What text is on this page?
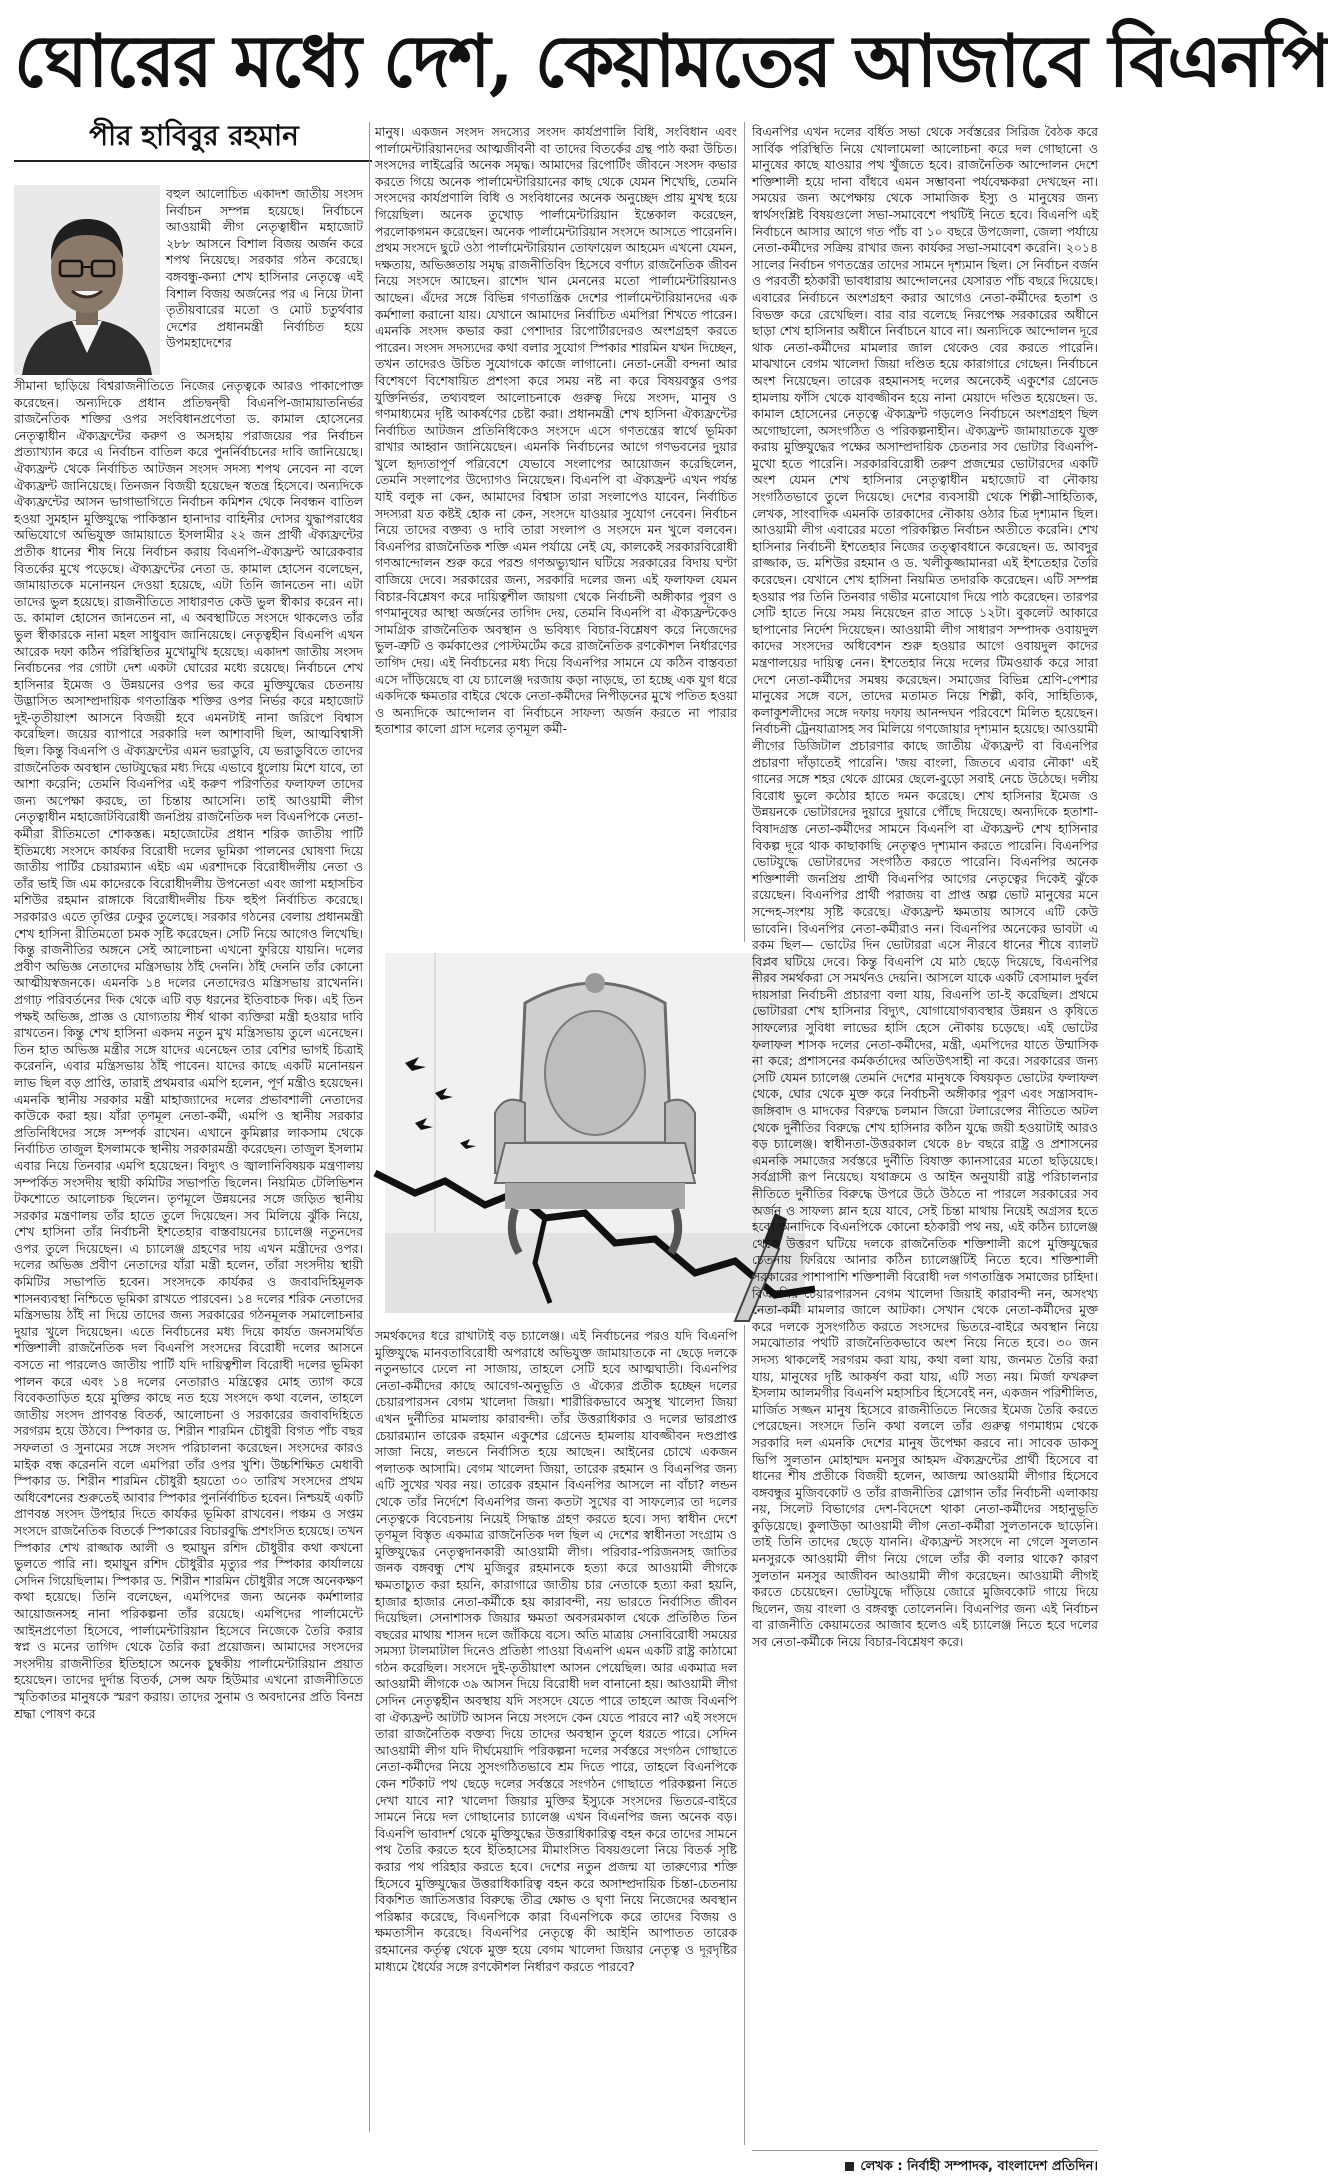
ঘোরের মধ্যে দেশ, কেয়ামতের আজাবে বিএনপি
পীর হাবিবুর রহমান
বহুল আলোচিত একাদশ জাতীয় সংসদ নির্বাচন সম্পন্ন হয়েছে। নির্বাচনে আওয়ামী লীগ নেতৃত্বাধীন মহাজোট ২৮৮ আসনে বিশাল বিজয় অর্জন করে শপথ নিয়েছে। সরকার গঠন করেছে। বঙ্গবন্ধু-কন্যা শেখ হাসিনার নেতৃত্বে এই বিশাল বিজয় অর্জনের পর এ নিয়ে টানা তৃতীয়বারের মতো ও মোট চতুর্থবার দেশের প্রধানমন্ত্রী নির্বাচিত হয়ে উপমহাদেশের
সীমানা ছাড়িয়ে বিশ্বরাজনীতিতে নিজের নেতৃত্বকে আরও পাকাপোক্ত করেছেন। অন্যদিকে প্রধান প্রতিদ্বন্দ্বী বিএনপি-জামায়াতনির্ভর রাজনৈতিক শক্তির ওপর সংবিধানপ্রণেতা ড. কামাল হোসেনের নেতৃত্বাধীন ঐক্যফ্রন্টের করুণ ও অসহায় পরাজয়ের পর নির্বাচন প্রত্যাখ্যান করে এ নির্বাচন বাতিল করে পুনর্নির্বাচনের দাবি জানিয়েছে। ঐক্যফ্রন্ট থেকে নির্বাচিত আটজন সংসদ সদস্য শপথ নেবেন না বলে ঐক্যফ্রন্ট জানিয়েছে। তিনজন বিজয়ী হয়েছেন স্বতন্ত্র হিসেবে। অন্যদিকে ঐক্যফ্রন্টের আসন ভাগাভাগিতে নির্বাচন কমিশন থেকে নিবন্ধন বাতিল হওয়া সুমহান মুক্তিযুদ্ধে পাকিস্তান হানাদার বাহিনীর দোসর যুদ্ধাপরাধের অভিযোগে অভিযুক্ত জামায়াতে ইসলামীর ২২ জন প্রার্থী ঐক্যফ্রন্টের প্রতীক ধানের শীষ নিয়ে নির্বাচন করায় বিএনপি-ঐক্যফ্রন্ট আরেকবার বিতর্কের মুখে পড়েছে। ঐক্যফ্রন্টের নেতা ড. কামাল হোসেন বলেছেন, জামায়াতকে মনোনয়ন দেওয়া হয়েছে, এটা তিনি জানতেন না। এটা তাদের ভুল হয়েছে। রাজনীতিতে সাধারণত কেউ ভুল স্বীকার করেন না। ড. কামাল হোসেন জানতেন না, এ অবস্থাটিতে সংসদে থাকলেও তাঁর ভুল স্বীকারকে নানা মহল সাধুবাদ জানিয়েছে। নেতৃত্বহীন বিএনপি এখন আরেক দফা কঠিন পরিস্থিতির মুখোমুখি হয়েছে। একাদশ জাতীয় সংসদ নির্বাচনের পর গোটা দেশ একটা ঘোরের মধ্যে রয়েছে। নির্বাচনে শেখ হাসিনার ইমেজ ও উন্নয়নের ওপর ভর করে মুক্তিযুদ্ধের চেতনায় উদ্ভাসিত অসাম্প্রদায়িক গণতান্ত্রিক শক্তির ওপর নির্ভর করে মহাজোট দুই-তৃতীয়াংশ আসনে বিজয়ী হবে এমনটাই নানা জরিপে বিশ্বাস করেছিল। জয়ের ব্যাপারে সরকারি দল আশাবাদী ছিল, আত্মবিশ্বাসী ছিল। কিন্তু বিএনপি ও ঐক্যফ্রন্টের এমন ভরাডুবি, যে ভরাডুবিতে তাদের রাজনৈতিক অবস্থান ভোটযুদ্ধের মধ্য দিয়ে এভাবে ধুলোয় মিশে যাবে, তা আশা করেনি; তেমনি বিএনপির এই করুণ পরিণতির ফলাফল তাদের জন্য অপেক্ষা করছে, তা চিন্তায় আসেনি। তাই আওয়ামী লীগ নেতৃত্বাধীন মহাজোটবিরোধী জনপ্রিয় রাজনৈতিক দল বিএনপিকে নেতা-কর্মীরা রীতিমতো শোকস্তব্ধ। মহাজোটের প্রধান শরিক জাতীয় পার্টি ইতিমধ্যে সংসদে কার্যকর বিরোধী দলের ভূমিকা পালনের ঘোষণা দিয়ে জাতীয় পার্টির চেয়ারম্যান এইচ এম এরশাদকে বিরোধীদলীয় নেতা ও তাঁর ভাই জি এম কাদেরকে বিরোধীদলীয় উপনেতা এবং জাপা মহাসচিব মশিউর রহমান রাঙ্গাকে বিরোধীদলীয় চিফ হুইপ নির্বাচিত করেছে। সরকারও এতে তৃপ্তির ঢেকুর তুলেছে। সরকার গঠনের বেলায় প্রধানমন্ত্রী শেখ হাসিনা রীতিমতো চমক সৃষ্টি করেছেন। সেটি নিয়ে আগেও লিখেছি। কিন্তু রাজনীতির অঙ্গনে সেই আলোচনা এখনো ফুরিয়ে যায়নি। দলের প্রবীণ অভিজ্ঞ নেতাদের মন্ত্রিসভায় ঠাঁই দেননি। ঠাঁই দেননি তাঁর কোনো আত্মীয়স্বজনকে। এমনকি ১৪ দলের নেতাদেরও মন্ত্রিসভায় রাখেননি। প্রগাঢ় পরিবর্তনের দিক থেকে এটি বড় ধরনের ইতিবাচক দিক। এই তিন পক্ষই অভিজ্ঞ, প্রাজ্ঞ ও যোগ্যতায় শীর্ষ থাকা ব্যক্তিরা মন্ত্রী হওয়ার দাবি রাখতেন। কিন্তু শেখ হাসিনা একদম নতুন মুখ মন্ত্রিসভায় তুলে এনেছেন। তিন হাত অভিজ্ঞ মন্ত্রীর সঙ্গে যাদের এনেছেন তার বেশির ভাগই চিত্রাই করেননি, এবার মন্ত্রিসভায় ঠাঁই পাবেন। যাদের কাছে একটি মনোনয়ন লাভ ছিল বড় প্রাপ্তি, তারাই প্রথমবার এমপি হলেন, পূর্ণ মন্ত্রীও হয়েছেন। এমনকি স্থানীয় সরকার মন্ত্রী মাহাজ্যাদের দলের প্রভাবশালী নেতাদের কাউকে করা হয়। যাঁরা তৃণমূল নেতা-কর্মী, এমপি ও স্থানীয় সরকার প্রতিনিধিদের সঙ্গে সম্পর্ক রাখেন। এখানে কুমিল্লার লাকসাম থেকে নির্বাচিত তাজুল ইসলামকে স্থানীয় সরকারমন্ত্রী করেছেন। তাজুল ইসলাম এবার নিয়ে তিনবার এমপি হয়েছেন। বিদ্যুৎ ও জ্বালানিবিষয়ক মন্ত্রণালয় সম্পর্কিত সংসদীয় স্থায়ী কমিটির সভাপতি ছিলেন। নিয়মিত টেলিভিশন টকশোতে আলোচক ছিলেন। তৃণমূলে উন্নয়নের সঙ্গে জড়িত স্থানীয় সরকার মন্ত্রণালয় তাঁর হাতে তুলে দিয়েছেন। সব মিলিয়ে ঝুঁকি নিয়ে, শেখ হাসিনা তাঁর নির্বাচনী ইশতেহার বাস্তবায়নের চ্যালেঞ্জ নতুনদের ওপর তুলে দিয়েছেন। এ চ্যালেঞ্জ গ্রহণের দায় এখন মন্ত্রীদের ওপর। দলের অভিজ্ঞ প্রবীণ নেতাদের যাঁরা মন্ত্রী হলেন, তাঁরা সংসদীয় স্থায়ী কমিটির সভাপতি হবেন। সংসদকে কার্যকর ও জবাবদিহিমূলক শাসনব্যবস্থা নিশ্চিতে ভূমিকা রাখতে পারবেন। ১৪ দলের শরিক নেতাদের মন্ত্রিসভায় ঠাঁই না দিয়ে তাদের জন্য সরকারের গঠনমূলক সমালোচনার দুয়ার খুলে দিয়েছেন। এতে নির্বাচনের মধ্য দিয়ে কার্যত জনসমর্থিত শক্তিশালী রাজনৈতিক দল বিএনপি সংসদের বিরোধী দলের আসনে বসতে না পারলেও জাতীয় পার্টি যদি দায়িত্বশীল বিরোধী দলের ভূমিকা পালন করে এবং ১৪ দলের নেতারাও মন্ত্রিত্বের মোহ ত্যাগ করে বিবেকতাড়িত হয়ে মুক্তির কাছে নত হয়ে সংসদে কথা বলেন, তাহলে জাতীয় সংসদ প্রাণবন্ত বিতর্ক, আলোচনা ও সরকারের জবাবদিহিতে সরগরম হয়ে উঠবে। স্পিকার ড. শিরীন শারমিন চৌধুরী বিগত পাঁচ বছর সফলতা ও সুনামের সঙ্গে সংসদ পরিচালনা করেছেন। সংসদের কারও মাইক বন্ধ করেননি বলে এমপিরা তাঁর ওপর খুশি। উচ্চশিক্ষিত মেধাবী স্পিকার ড. শিরীন শারমিন চৌধুরী হয়তো ৩০ তারিখ সংসদের প্রথম অধিবেশনের শুরুতেই আবার স্পিকার পুনর্নির্বাচিত হবেন। নিশ্চয়ই একটি প্রাণবন্ত সংসদ উপহার দিতে কার্যকর ভূমিকা রাখবেন। পঞ্চম ও সপ্তম সংসদে রাজনৈতিক বিতর্কে স্পিকারের বিচারবুদ্ধি প্রশংসিত হয়েছে। তখন স্পিকার শেখ রাজ্জাক আলী ও হুমায়ুন রশিদ চৌধুরীর কথা কখনো ভুলতে পারি না। হুমায়ুন রশিদ চৌধুরীর মৃত্যুর পর স্পিকার কার্যালয়ে সেদিন গিয়েছিলাম। স্পিকার ড. শিরীন শারমিন চৌধুরীর সঙ্গে অনেকক্ষণ কথা হয়েছে। তিনি বলেছেন, এমপিদের জন্য অনেক কর্মশালার আয়োজনসহ নানা পরিকল্পনা তাঁর রয়েছে। এমপিদের পার্লামেন্টে আইনপ্রণেতা হিসেবে, পার্লামেন্টারিয়ান হিসেবে নিজেকে তৈরি করার স্বপ্ন ও মনের তাগিদ থেকে তৈরি করা প্রয়োজন। আমাদের সংসদের সংসদীয় রাজনীতির ইতিহাসে অনেক চুম্বকীয় পার্লামেন্টারিয়ান প্রয়াত হয়েছেন। তাদের দুর্দান্ত বিতর্ক, সেন্স অফ হিউমার এখনো রাজনীতিতে স্মৃতিকাতর মানুষকে স্মরণ করায়। তাদের সুনাম ও অবদানের প্রতি বিনম্র শ্রদ্ধা পোষণ করে
মানুষ। একজন সংসদ সদস্যের সংসদ কার্যপ্রণালি বিধি, সংবিধান এবং পার্লামেন্টারিয়ানদের আত্মজীবনী বা তাদের বিতর্কের গ্রন্থ পাঠ করা উচিত। সংসদের লাইব্রেরি অনেক সমৃদ্ধ। আমাদের রিপোর্টিং জীবনে সংসদ কভার করতে গিয়ে অনেক পার্লামেন্টারিয়ানের কাছ থেকে যেমন শিখেছি, তেমনি সংসদের কার্যপ্রণালি বিধি ও সংবিধানের অনেক অনুচ্ছেদ প্রায় মুখস্থ হয়ে গিয়েছিল। অনেক তুখোড় পার্লামেন্টারিয়ান ইন্তেকাল করেছেন, পরলোকগমন করেছেন। অনেক পার্লামেন্টারিয়ান সংসদে আসতে পারেননি। প্রথম সংসদে ছুটে ওঠা পার্লামেন্টারিয়ান তোফায়েল আহমেদ এখনো যেমন, দক্ষতায়, অভিজ্ঞতায় সমৃদ্ধ রাজনীতিবিদ হিসেবে বর্ণাঢ্য রাজনৈতিক জীবন নিয়ে সংসদে আছেন। রাশেদ খান মেননের মতো পার্লামেন্টারিয়ানও আছেন। এঁদের সঙ্গে বিভিন্ন গণতান্ত্রিক দেশের পার্লামেন্টারিয়ানদের এক কর্মশালা করানো যায়। যেখানে আমাদের নির্বাচিত এমপিরা শিখতে পারেন। এমনকি সংসদ কভার করা পেশাদার রিপোর্টারদেরও অংশগ্রহণ করতে পারেন। সংসদ সদস্যদের কথা বলার সুযোগ স্পিকার শারমিন যখন দিচ্ছেন, তখন তাদেরও উচিত সুযোগকে কাজে লাগানো। নেতা-নেত্রী বন্দনা আর বিশেষণে বিশেষায়িত প্রশংসা করে সময় নষ্ট না করে বিষয়বস্তুর ওপর যুক্তিনির্ভর, তথ্যবহুল আলোচনাকে গুরুত্ব দিয়ে সংসদ, মানুষ ও গণমাধ্যমের দৃষ্টি আকর্ষণের চেষ্টা করা। প্রধানমন্ত্রী শেখ হাসিনা ঐক্যফ্রন্টের নির্বাচিত আটজন প্রতিনিধিকেও সংসদে এসে গণতন্ত্রের স্বার্থে ভূমিকা রাখার আহ্বান জানিয়েছেন। এমনকি নির্বাচনের আগে গণভবনের দুয়ার খুলে হৃদ্যতাপূর্ণ পরিবেশে যেভাবে সংলাপের আয়োজন করেছিলেন, তেমনি সংলাপের উদ্যোগও নিয়েছেন। বিএনপি বা ঐক্যফ্রন্ট এখন পর্যন্ত যাই বলুক না কেন, আমাদের বিশ্বাস তারা সংলাপেও যাবেন, নির্বাচিত সদস্যরা যত কষ্টই হোক না কেন, সংসদে যাওয়ার সুযোগ নেবেন। নির্বাচন নিয়ে তাদের বক্তব্য ও দাবি তারা সংলাপ ও সংসদে মন খুলে বলবেন। বিএনপির রাজনৈতিক শক্তি এমন পর্যায়ে নেই যে, কালকেই সরকারবিরোধী গণআন্দোলন শুরু করে পরশু গণঅভ্যুত্থান ঘটিয়ে সরকারের বিদায় ঘণ্টা বাজিয়ে দেবে। সরকারের জন্য, সরকারি দলের জন্য এই ফলাফল যেমন বিচার-বিশ্লেষণ করে দায়িত্বশীল জায়গা থেকে নির্বাচনী অঙ্গীকার পূরণ ও গণমানুষের আস্থা অর্জনের তাগিদ দেয়, তেমনি বিএনপি বা ঐক্যফ্রন্টকেও সামগ্রিক রাজনৈতিক অবস্থান ও ভবিষ্যৎ বিচার-বিশ্লেষণ করে নিজেদের ভুল-ত্রুটি ও কর্মকাণ্ডের পোস্টমর্টেম করে রাজনৈতিক রণকৌশল নির্ধারণের তাগিদ দেয়। এই নির্বাচনের মধ্য দিয়ে বিএনপির সামনে যে কঠিন বাস্তবতা এসে দাঁড়িয়েছে বা যে চ্যালেঞ্জ দরজায় কড়া নাড়ছে, তা হচ্ছে এক যুগ ধরে একদিকে ক্ষমতার বাইরে থেকে নেতা-কর্মীদের নিপীড়নের মুখে পতিত হওয়া ও অন্যদিকে আন্দোলন বা নির্বাচনে সাফল্য অর্জন করতে না পারার হতাশার কালো গ্রাস দলের তৃণমূল কর্মী-
সমর্থকদের ধরে রাখাটাই বড় চ্যালেঞ্জ। এই নির্বাচনের পরও যদি বিএনপি মুক্তিযুদ্ধে মানবতাবিরোধী অপরাধে অভিযুক্ত জামায়াতকে না ছেড়ে দলকে নতুনভাবে ঢেলে না সাজায়, তাহলে সেটি হবে আত্মঘাতী। বিএনপির নেতা-কর্মীদের কাছে আবেগ-অনুভূতি ও ঐক্যের প্রতীক হচ্ছেন দলের চেয়ারপারসন বেগম খালেদা জিয়া। শারীরিকভাবে অসুস্থ খালেদা জিয়া এখন দুর্নীতির মামলায় কারাবন্দী। তাঁর উত্তরাধিকার ও দলের ভারপ্রাপ্ত চেয়ারম্যান তারেক রহমান একুশের গ্রেনেড হামলায় যাবজ্জীবন দণ্ডপ্রাপ্ত সাজা নিয়ে, লন্ডনে নির্বাসিত হয়ে আছেন। আইনের চোখে একজন পলাতক আসামি। বেগম খালেদা জিয়া, তারেক রহমান ও বিএনপির জন্য এটি সুখের খবর নয়। তারেক রহমান বিএনপির আসলে না বাঁচা? লন্ডন থেকে তাঁর নির্দেশে বিএনপির জন্য কতটা সুখের বা সাফল্যের তা দলের নেতৃত্বকে বিবেচনায় নিয়েই সিদ্ধান্ত গ্রহণ করতে হবে। সদ্য স্বাধীন দেশে তৃণমূল বিস্তৃত একমাত্র রাজনৈতিক দল ছিল এ দেশের স্বাধীনতা সংগ্রাম ও মুক্তিযুদ্ধের নেতৃত্বদানকারী আওয়ামী লীগ। পরিবার-পরিজনসহ জাতির জনক বঙ্গবন্ধু শেখ মুজিবুর রহমানকে হত্যা করে আওয়ামী লীগকে ক্ষমতাচ্যুত করা হয়নি, কারাগারে জাতীয় চার নেতাকে হত্যা করা হয়নি, হাজার হাজার নেতা-কর্মীকে হয় কারাবন্দী, নয় ভারতে নির্বাসিত জীবন দিয়েছিল। সেনাশাসক জিয়ার ক্ষমতা অবসরমকাল থেকে প্রতিষ্ঠিত তিন বছরের মাথায় শাসন দলে জাঁকিয়ে বসে। অতি মাত্রায় সেনাবিরোধী সময়ের সমস্যা টালমাটাল দিনেও প্রতিষ্ঠা পাওয়া বিএনপি এমন একটি রাষ্ট্র কাঠামো গঠন করেছিল। সংসদে দুই-তৃতীয়াংশ আসন পেয়েছিল। আর একমাত্র দল আওয়ামী লীগকে ৩৯ আসন দিয়ে বিরোধী দল বানানো হয়। আওয়ামী লীগ সেদিন নেতৃত্বহীন অবস্থায় যদি সংসদে যেতে পারে তাহলে আজ বিএনপি বা ঐক্যফ্রন্ট আটটি আসন নিয়ে সংসদে কেন যেতে পারবে না? এই সংসদে তারা রাজনৈতিক বক্তব্য দিয়ে তাদের অবস্থান তুলে ধরতে পারে। সেদিন আওয়ামী লীগ যদি দীর্ঘমেয়াদি পরিকল্পনা দলের সর্বস্তরে সংগঠন গোছাতে নেতা-কর্মীদের নিয়ে সুসংগঠিতভাবে শ্রম দিতে পারে, তাহলে বিএনপিকে কেন শর্টকাট পথ ছেড়ে দলের সর্বস্তরে সংগঠন গোছাতে পরিকল্পনা নিতে দেখা যাবে না? খালেদা জিয়ার মুক্তির ইস্যুকে সংসদের ভিতরে-বাইরে সামনে নিয়ে দল গোছানোর চ্যালেঞ্জ এখন বিএনপির জন্য অনেক বড়। বিএনপি ভাবাদর্শ থেকে মুক্তিযুদ্ধের উত্তরাধিকারিত্ব বহন করে তাদের সামনে পথ তৈরি করতে হবে ইতিহাসের মীমাংসিত বিষয়গুলো নিয়ে বিতর্ক সৃষ্টি করার পথ পরিহার করতে হবে। দেশের নতুন প্রজন্ম যা তারুণ্যের শক্তি হিসেবে মুক্তিযুদ্ধের উত্তরাধিকারিত্ব বহন করে অসাম্প্রদায়িক চিন্তা-চেতনায় বিকশিত জাতিসত্তার বিরুদ্ধে তীব্র ক্ষোভ ও ঘৃণা নিয়ে নিজেদের অবস্থান পরিষ্কার করেছে, বিএনপিকে কারা বিএনপিকে করে তাদের বিজয় ও ক্ষমতাসীন করেছে। বিএনপির নেতৃত্বে কী আইনি আপাতত তারেক রহমানের কর্তৃত্ব থেকে মুক্ত হয়ে বেগম খালেদা জিয়ার নেতৃত্ব ও দূরদৃষ্টির মাধ্যমে ধৈর্যের সঙ্গে রণকৌশল নির্ধারণ করতে পারবে?
বিএনপির এখন দলের বর্ধিত সভা থেকে সর্বস্তরের সিরিজ বৈঠক করে সার্বিক পরিস্থিতি নিয়ে খোলামেলা আলোচনা করে দল গোছানো ও মানুষের কাছে যাওয়ার পথ খুঁজতে হবে। রাজনৈতিক আন্দোলন দেশে শক্তিশালী হয়ে দানা বাঁধবে এমন সম্ভাবনা পর্যবেক্ষকরা দেখছেন না। সময়ের জন্য অপেক্ষায় থেকে সামাজিক ইস্যু ও মানুষের জন্য স্বার্থসংশ্লিষ্ট বিষয়গুলো সভা-সমাবেশে পথটিই নিতে হবে। বিএনপি এই নির্বাচনে আসার আগে গত পাঁচ বা ১০ বছরে উপজেলা, জেলা পর্যায়ে নেতা-কর্মীদের সক্রিয় রাখার জন্য কার্যকর সভা-সমাবেশ করেনি। ২০১৪ সালের নির্বাচন গণতন্ত্রের তাদের সামনে দৃশ্যমান ছিল। সে নির্বাচন বর্জন ও পরবর্তী হঠকারী ভাবধারায় আন্দোলনের যেসারত পাঁচ বছরে দিয়েছে। এবারের নির্বাচনে অংশগ্রহণ করার আগেও নেতা-কর্মীদের হতাশ ও বিভক্ত করে রেখেছিল। বার বার বলেছে নিরপেক্ষ সরকারের অধীনে ছাড়া শেখ হাসিনার অধীনে নির্বাচনে যাবে না। অন্যদিকে আন্দোলন দূরে থাক নেতা-কর্মীদের মামলার জাল থেকেও বের করতে পারেনি। মাঝখানে বেগম খালেদা জিয়া দণ্ডিত হয়ে কারাগারে গেছেন। নির্বাচনে অংশ নিয়েছেন। তারেক রহমানসহ দলের অনেকেই একুশের গ্রেনেড হামলায় ফাঁসি থেকে যাবজ্জীবন হয়ে নানা মেয়াদে দণ্ডিত হয়েছেন। ড. কামাল হোসেনের নেতৃত্বে ঐক্যফ্রন্ট গড়লেও নির্বাচনে অংশগ্রহণ ছিল অগোছালো, অসংগঠিত ও পরিকল্পনাহীন। ঐক্যফ্রন্ট জামায়াতকে যুক্ত করায় মুক্তিযুদ্ধের পক্ষের অসাম্প্রদায়িক চেতনার সব ভোটার বিএনপি-মুখো হতে পারেনি। সরকারবিরোধী তরুণ প্রজন্মের ভোটারদের একটি অংশ যেমন শেখ হাসিনার নেতৃত্বাধীন মহাজোট বা নৌকায় সংগঠিতভাবে তুলে দিয়েছে। দেশের ব্যবসায়ী থেকে শিল্পী-সাহিত্যিক, লেখক, সাংবাদিক এমনকি তারকাদের নৌকায় ওঠার চিত্র দৃশ্যমান ছিল। আওয়ামী লীগ এবারের মতো পরিকল্পিত নির্বাচন অতীতে করেনি। শেখ হাসিনার নির্বাচনী ইশতেহার নিজের তত্ত্বাবধানে করেছেন। ড. আবদুর রাজ্জাক, ড. মশিউর রহমান ও ড. খলীকুজ্জামানরা এই ইশতেহার তৈরি করেছেন। যেখানে শেখ হাসিনা নিয়মিত তদারকি করেছেন। এটি সম্পন্ন হওয়ার পর তিনি তিনবার গভীর মনোযোগ দিয়ে পাঠ করেছেন। তারপর সেটি হাতে নিয়ে সময় নিয়েছেন রাত সাড়ে ১২টা। বুকলেট আকারে ছাপানোর নির্দেশ দিয়েছেন। আওয়ামী লীগ সাধারণ সম্পাদক ওবায়দুল কাদের সংসদের অধিবেশন শুরু হওয়ার আগে ওবায়দুল কাদের মন্ত্রণালয়ের দায়িত্ব নেন। ইশতেহার নিয়ে দলের টিমওয়ার্ক করে সারা দেশে নেতা-কর্মীদের সমন্বয় করেছেন। সমাজের বিভিন্ন শ্রেণি-পেশার মানুষের সঙ্গে বসে, তাদের মতামত নিয়ে শিল্পী, কবি, সাহিত্যিক, কলাকুশলীদের সঙ্গে দফায় দফায় আনন্দঘন পরিবেশে মিলিত হয়েছেন। নির্বাচনী ট্রেনযাত্রাসহ সব মিলিয়ে গণজোয়ার দৃশ্যমান হয়েছে। আওয়ামী লীগের ডিজিটাল প্রচারণার কাছে জাতীয় ঐক্যফ্রন্ট বা বিএনপির প্রচারণা দাঁড়াতেই পারেনি। 'জয় বাংলা, জিতবে এবার নৌকা' এই গানের সঙ্গে শহর থেকে গ্রামের ছেলে-বুড়ো সবাই নেচে উঠেছে। দলীয় বিরোধ ভুলে কঠোর হাতে দমন করেছে। শেখ হাসিনার ইমেজ ও উন্নয়নকে ভোটারদের দুয়ারে দুয়ারে পৌঁছে দিয়েছে। অন্যদিকে হতাশা-বিষাদগ্রস্ত নেতা-কর্মীদের সামনে বিএনপি বা ঐক্যফ্রন্ট শেখ হাসিনার বিকল্প দূরে থাক কাছাকাছি নেতৃত্বও দৃশ্যমান করতে পারেনি। বিএনপির ভোটযুদ্ধে ভোটারদের সংগঠিত করতে পারেনি। বিএনপির অনেক শক্তিশালী জনপ্রিয় প্রার্থী বিএনপির আগের নেতৃত্বের দিকেই ঝুঁকে রয়েছেন। বিএনপির প্রার্থী পরাজয় বা প্রাপ্ত অল্প ভোট মানুষের মনে সন্দেহ-সংশয় সৃষ্টি করেছে। ঐক্যফ্রন্ট ক্ষমতায় আসবে এটি কেউ ভাবেনি। বিএনপির নেতা-কর্মীরাও নন। বিএনপির অনেকের ভাবটা এ রকম ছিল— ভোটের দিন ভোটাররা এসে নীরবে ধানের শীষে ব্যালট বিপ্লব ঘটিয়ে দেবে। কিন্তু বিএনপি যে মাঠ ছেড়ে দিয়েছে, বিএনপির নীরব সমর্থকরা সে সমর্থনও দেয়নি। আসলে যাকে একটি বেসামাল দুর্বল দায়সারা নির্বাচনী প্রচারণা বলা যায়, বিএনপি তা-ই করেছিল। প্রথমে ভোটাররা শেখ হাসিনার বিদ্যুৎ, যোগাযোগব্যবস্থার উন্নয়ন ও কৃষিতে সাফল্যের সুবিধা লাভের হাসি হেসে নৌকায় চড়েছে। এই ভোটের ফলাফল শাসক দলের নেতা-কর্মীদের, মন্ত্রী, এমপিদের যাতে উন্মাসিক না করে; প্রশাসনের কর্মকর্তাদের অতিউৎসাহী না করে। সরকারের জন্য সেটি যেমন চ্যালেঞ্জ তেমনি দেশের মানুষকে বিষয়কৃত ভোটের ফলাফল থেকে, ঘোর থেকে মুক্ত করে নির্বাচনী অঙ্গীকার পূরণ এবং সন্ত্রাসবাদ-জঙ্গিবাদ ও মাদকের বিরুদ্ধে চলমান জিরো টলারেন্সের নীতিতে অটল থেকে দুর্নীতির বিরুদ্ধে শেখ হাসিনার কঠিন যুদ্ধে জয়ী হওয়াটাই আরও বড় চ্যালেঞ্জ। স্বাধীনতা-উত্তরকাল থেকে ৪৮ বছরে রাষ্ট্র ও প্রশাসনের এমনকি সমাজের সর্বস্তরে দুর্নীতি বিষাক্ত ক্যানসারের মতো ছড়িয়েছে। সর্বগ্রাসী রূপ নিয়েছে। যথাক্রমে ও আইন অনুযায়ী রাষ্ট্র পরিচালনার নীতিতে দুর্নীতির বিরুদ্ধে উপরে উঠে উঠতে না পারলে সরকারের সব অর্জন ও সাফল্য ম্লান হয়ে যাবে, সেই চিন্তা মাথায় নিয়েই অগ্রসর হতে হবে। অনাদিকে বিএনপিকে কোনো হঠকারী পথ নয়, এই কঠিন চ্যালেঞ্জ থেকে উত্তরণ ঘটিয়ে দলকে রাজনৈতিক শক্তিশালী রূপে মুক্তিযুদ্ধের চেতনায় ফিরিয়ে আনার কঠিন চ্যালেঞ্জটিই নিতে হবে। শক্তিশালী সরকারের পাশাপাশি শক্তিশালী বিরোধী দল গণতান্ত্রিক সমাজের চাহিদা। বিএনপির চেয়ারপারসন বেগম খালেদা জিয়াই কারাবন্দী নন, অসংখ্য নেতা-কর্মী মামলার জালে আটকা। সেখান থেকে নেতা-কর্মীদের মুক্ত করে দলকে সুসংগঠিত করতে সংসদের ভিতরে-বাইরে অবস্থান নিয়ে সমঝোতার পথটি রাজনৈতিকভাবে অংশ নিয়ে নিতে হবে। ৩০ জন সদস্য থাকলেই সরগরম করা যায়, কথা বলা যায়, জনমত তৈরি করা যায়, মানুষের দৃষ্টি আকর্ষণ করা যায়, এটি সত্য নয়। মির্জা ফখরুল ইসলাম আলমগীর বিএনপি মহাসচিব হিসেবেই নন, একজন পরিশীলিত, মার্জিত সজ্জন মানুষ হিসেবে রাজনীতিতে নিজের ইমেজ তৈরি করতে পেরেছেন। সংসদে তিনি কথা বললে তাঁর গুরুত্ব গণমাধ্যম থেকে সরকারি দল এমনকি দেশের মানুষ উপেক্ষা করবে না। সাবেক ডাকসু ভিপি সুলতান মোহাম্মদ মনসুর আহমদ ঐক্যফ্রন্টের প্রার্থী হিসেবে বা ধানের শীষ প্রতীকে বিজয়ী হলেন, আজন্ম আওয়ামী লীগার হিসেবে বঙ্গবন্ধুর মুজিবকোট ও তাঁর রাজনীতির স্লোগান তাঁর নির্বাচনী এলাকায় নয়, সিলেট বিভাগের দেশ-বিদেশে থাকা নেতা-কর্মীদের সহানুভূতি কুড়িয়েছে। কুলাউড়া আওয়ামী লীগ নেতা-কর্মীরা সুলতানকে ছাড়েনি। তাই তিনি তাদের ছেড়ে যাননি। ঐক্যফ্রন্ট সংসদে না গেলে সুলতান মনসুরকে আওয়ামী লীগ নিয়ে গেলে তাঁর কী বলার থাকে? কারণ সুলতান মনসুর আজীবন আওয়ামী লীগ করেছেন। আওয়ামী লীগই করতে চেয়েছেন। ভোটযুদ্ধে দাঁড়িয়ে জোরে মুজিবকোট গায়ে দিয়ে ছিলেন, জয় বাংলা ও বঙ্গবন্ধু তোলেননি। বিএনপির জন্য এই নির্বাচন বা রাজনীতি কেয়ামতের আজাব হলেও এই চ্যালেঞ্জ নিতে হবে দলের সব নেতা-কর্মীকে নিয়ে বিচার-বিশ্লেষণ করে।
লেখক : নির্বাহী সম্পাদক, বাংলাদেশ প্রতিদিন।
